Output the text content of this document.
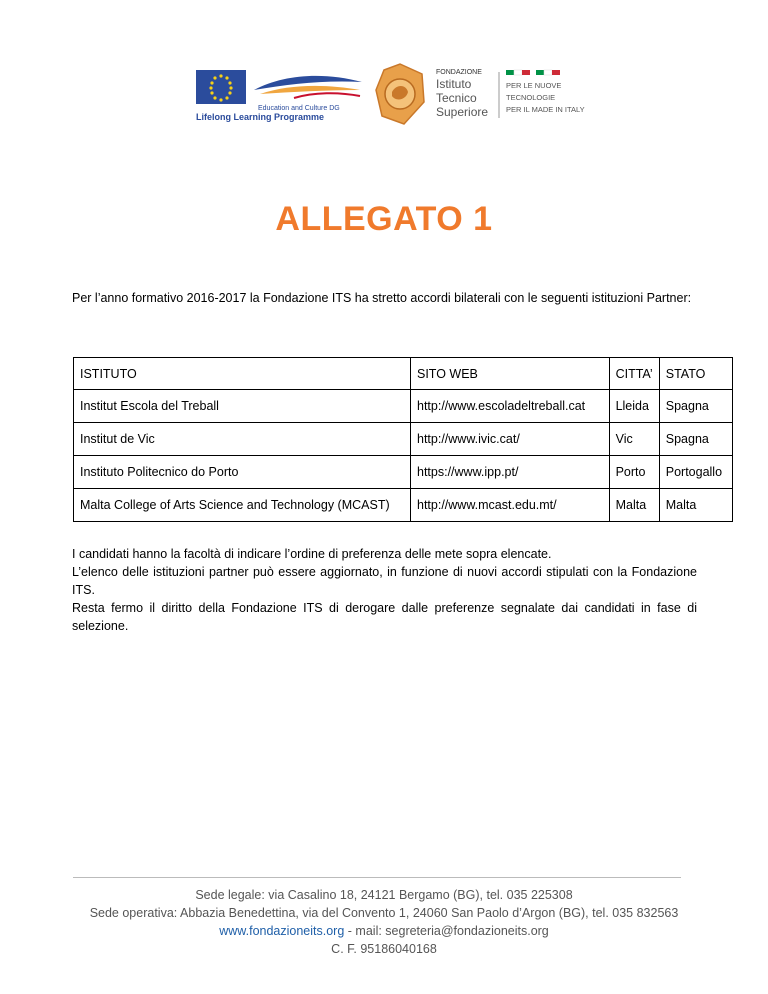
Education and Culture DG
Lifelong Learning Programme
FONDAZIONE
Istituto
Tecnico
Superiore
PER LE NUOVE
TECNOLOGIE
PER IL MADE IN ITALY
ALLEGATO 1
Per l’anno formativo 2016-2017 la Fondazione ITS ha stretto accordi bilaterali con le seguenti istituzioni Partner:
ISTITUTO	SITO WEB	CITTA’	STATO
Institut Escola del Treball	http://www.escoladeltreball.cat	Lleida	Spagna
Institut de Vic	http://www.ivic.cat/	Vic	Spagna
Instituto Politecnico do Porto	https://www.ipp.pt/	Porto	Portogallo
Malta College of Arts Science and Technology (MCAST)	http://www.mcast.edu.mt/	Malta	Malta

I candidati hanno la facoltà di indicare l’ordine di preferenza delle mete sopra elencate.

L’elenco delle istituzioni partner può essere aggiornato, in funzione di nuovi accordi stipulati con la Fondazione ITS.

Resta fermo il diritto della Fondazione ITS di derogare dalle preferenze segnalate dai candidati in fase di selezione.

Sede legale: via Casalino 18, 24121 Bergamo (BG), tel. 035 225308
Sede operativa: Abbazia Benedettina, via del Convento 1, 24060 San Paolo d’Argon (BG), tel. 035 832563
www.fondazioneits.org - mail: segreteria@fondazioneits.org
C. F. 95186040168
